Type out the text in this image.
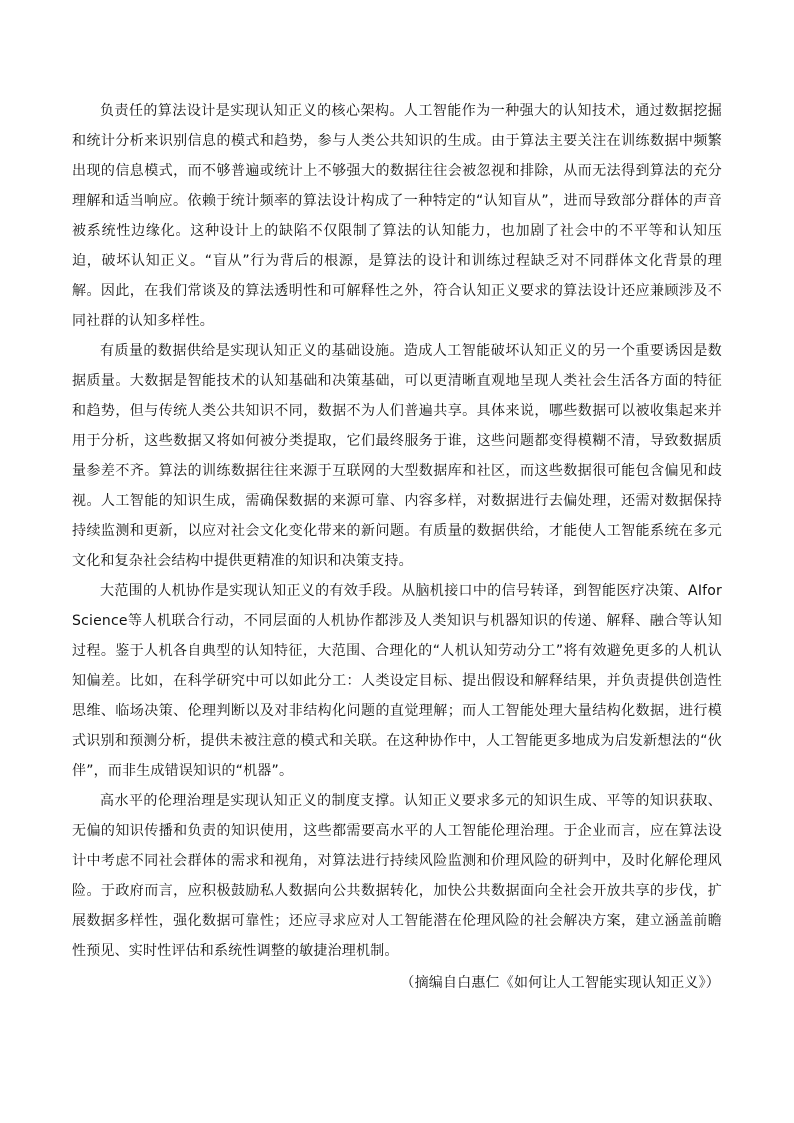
负责任的算法设计是实现认知正义的核心架构。人工智能作为一种强大的认知技术，通过数据挖掘和统计分析来识别信息的模式和趋势，参与人类公共知识的生成。由于算法主要关注在训练数据中频繁出现的信息模式，而不够普遍或统计上不够强大的数据往往会被忽视和排除，从而无法得到算法的充分理解和适当响应。依赖于统计频率的算法设计构成了一种特定的“认知盲从”，进而导致部分群体的声音被系统性边缘化。这种设计上的缺陷不仅限制了算法的认知能力，也加剧了社会中的不平等和认知压迫，破坏认知正义。“盲从”行为背后的根源，是算法的设计和训练过程缺乏对不同群体文化背景的理解。因此，在我们常谈及的算法透明性和可解释性之外，符合认知正义要求的算法设计还应兼顾涉及不同社群的认知多样性。

有质量的数据供给是实现认知正义的基础设施。造成人工智能破坏认知正义的另一个重要诱因是数据质量。大数据是智能技术的认知基础和决策基础，可以更清晰直观地呈现人类社会生活各方面的特征和趋势，但与传统人类公共知识不同，数据不为人们普遍共享。具体来说，哪些数据可以被收集起来并用于分析，这些数据又将如何被分类提取，它们最终服务于谁，这些问题都变得模糊不清，导致数据质量参差不齐。算法的训练数据往往来源于互联网的大型数据库和社区，而这些数据很可能包含偏见和歧视。人工智能的知识生成，需确保数据的来源可靠、内容多样，对数据进行去偏处理，还需对数据保持持续监测和更新，以应对社会文化变化带来的新问题。有质量的数据供给，才能使人工智能系统在多元文化和复杂社会结构中提供更精准的知识和决策支持。

大范围的人机协作是实现认知正义的有效手段。从脑机接口中的信号转译，到智能医疗决策、AIforScience等人机联合行动，不同层面的人机协作都涉及人类知识与机器知识的传递、解释、融合等认知过程。鉴于人机各自典型的认知特征，大范围、合理化的“人机认知劳动分工”将有效避免更多的人机认知偏差。比如，在科学研究中可以如此分工：人类设定目标、提出假设和解释结果，并负责提供创造性思维、临场决策、伦理判断以及对非结构化问题的直觉理解；而人工智能处理大量结构化数据，进行模式识别和预测分析，提供未被注意的模式和关联。在这种协作中，人工智能更多地成为启发新想法的“伙伴”，而非生成错误知识的“机器”。

高水平的伦理治理是实现认知正义的制度支撑。认知正义要求多元的知识生成、平等的知识获取、无偏的知识传播和负责的知识使用，这些都需要高水平的人工智能伦理治理。于企业而言，应在算法设计中考虑不同社会群体的需求和视角，对算法进行持续风险监测和价理风险的研判中，及时化解伦理风险。于政府而言，应积极鼓励私人数据向公共数据转化，加快公共数据面向全社会开放共享的步伐，扩展数据多样性，强化数据可靠性；还应寻求应对人工智能潜在伦理风险的社会解决方案，建立涵盖前瞻性预见、实时性评估和系统性调整的敏捷治理机制。

（摘编自白惠仁《如何让人工智能实现认知正义》）
